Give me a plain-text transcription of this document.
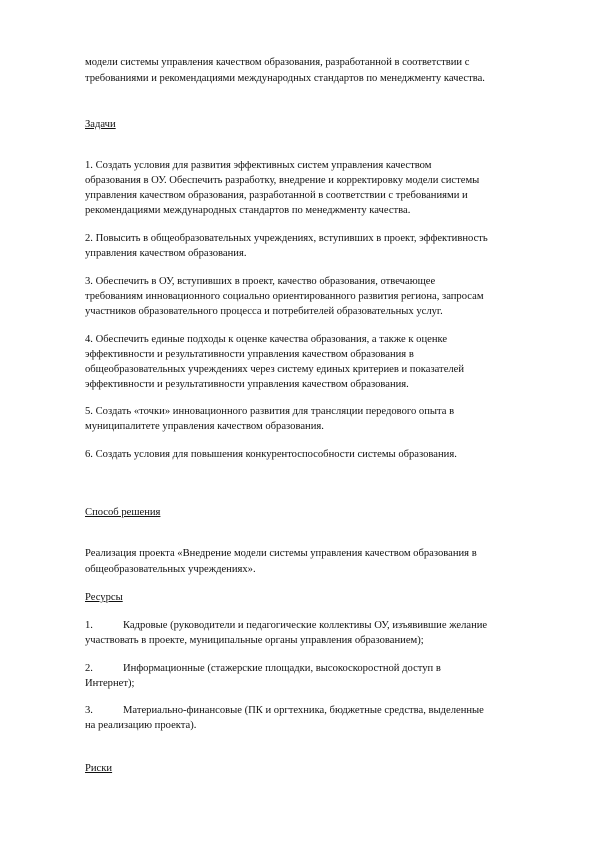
модели системы управления качеством образования, разработанной в соответствии с

требованиями и рекомендациями международных стандартов по менеджменту качества.

Задачи

1. Создать условия для развития эффективных систем управления качеством

образования в ОУ. Обеспечить разработку, внедрение и корректировку модели системы

управления качеством образования, разработанной в соответствии с требованиями и

рекомендациями международных стандартов по менеджменту качества.

2. Повысить в общеобразовательных учреждениях, вступивших в проект, эффективность

управления качеством образования.

3. Обеспечить в ОУ, вступивших в проект, качество образования, отвечающее

требованиям инновационного социально ориентированного развития региона, запросам

участников образовательного процесса и потребителей образовательных услуг.

4. Обеспечить единые подходы к оценке качества образования, а также к оценке

эффективности и результативности управления качеством образования в

общеобразовательных учреждениях через систему единых критериев и показателей

эффективности и результативности управления качеством образования.

5. Создать «точки» инновационного развития для трансляции передового опыта в

муниципалитете управления качеством образования.

6. Создать условия для повышения конкурентоспособности системы образования.

Способ решения

Реализация проекта «Внедрение модели системы управления качеством образования в

общеобразовательных учреждениях».

Ресурсы

1.	Кадровые (руководители и педагогические коллективы ОУ, изъявившие желание
участвовать в проекте, муниципальные органы управления образованием);
2.	Информационные (стажерские площадки, высокоскоростной доступ в
Интернет);
3.	Материально-финансовые (ПК и оргтехника, бюджетные средства, выделенные
на реализацию проекта).

Риски
